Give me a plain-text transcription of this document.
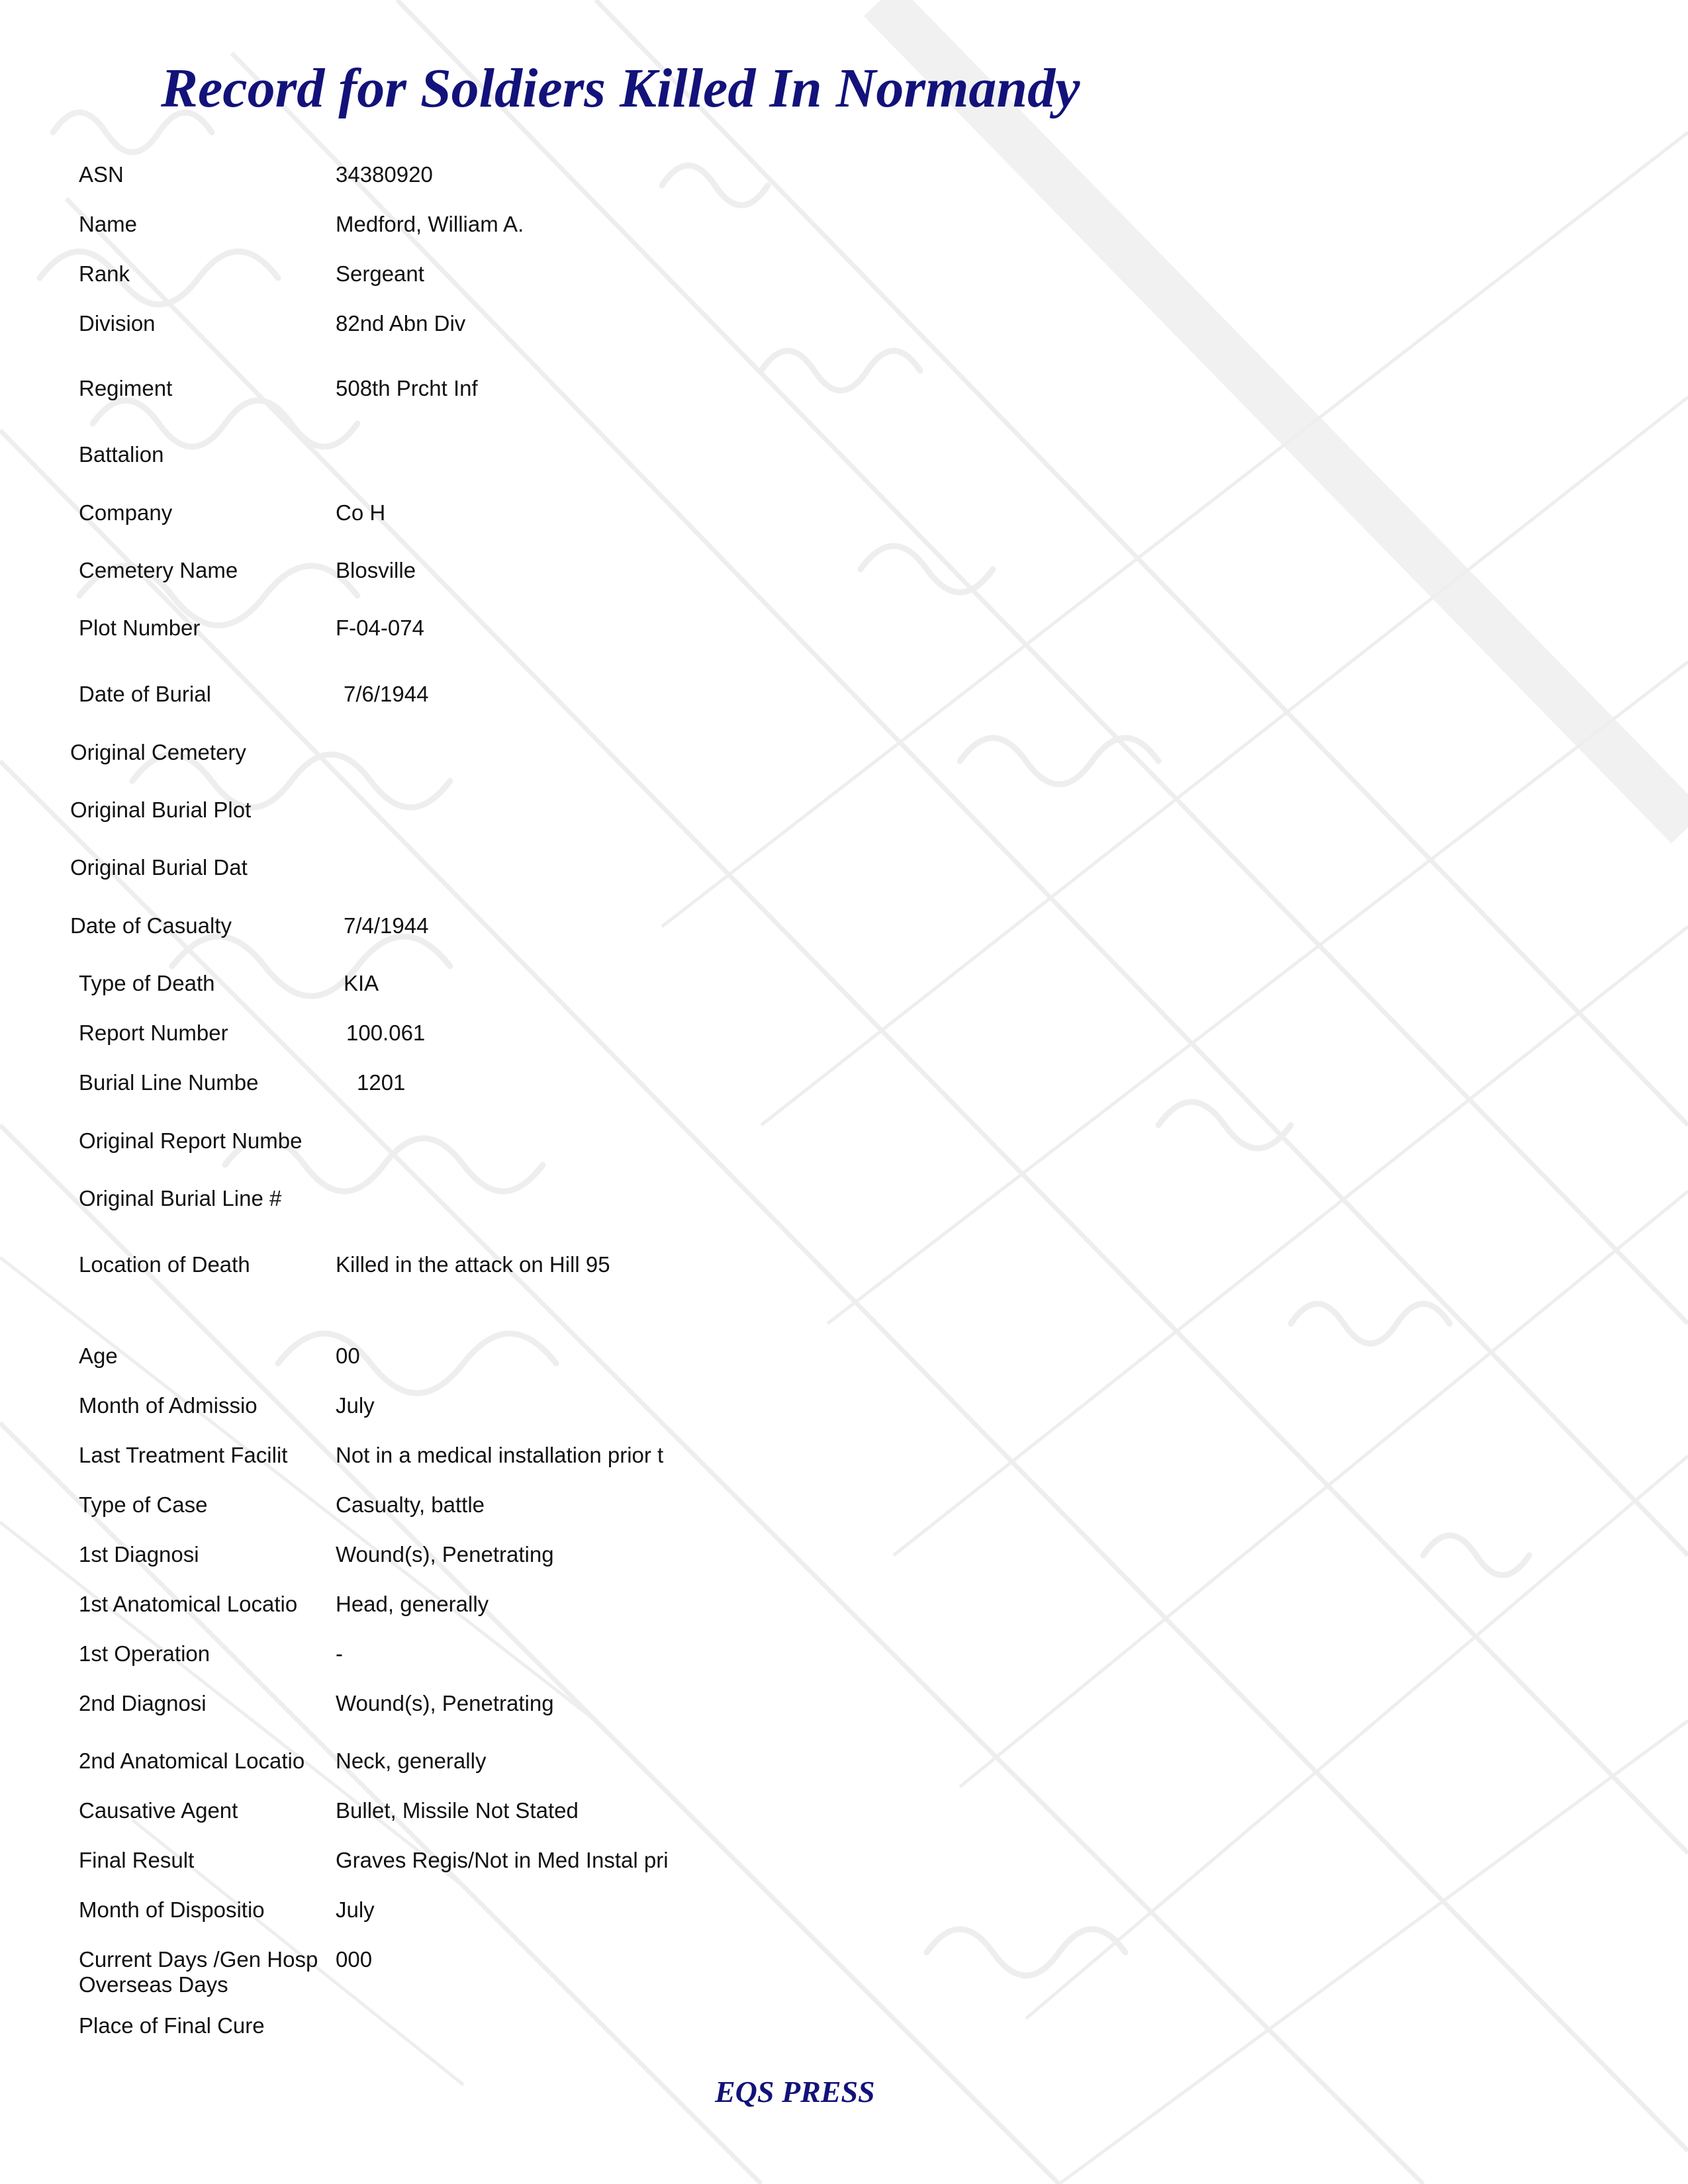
Record for Soldiers Killed In Normandy
ASN
Name
Rank
Division
Regiment
Battalion
Company
Cemetery Name
Plot Number
Date of Burial
Original Cemetery
Original Burial Plot
Original Burial Dat
Date of Casualty
Type of Death
Report Number
Burial Line Numbe
Original Report Numbe
Original Burial Line #
Location of Death
Age
Month of Admissio
Last Treatment Facilit
Type of Case
1st Diagnosi
1st Anatomical Locatio
1st Operation
2nd Diagnosi
2nd Anatomical Locatio
Causative Agent
Final Result
Month of Dispositio
Current Days /Gen Hosp
Overseas Days
Place of Final Cure
34380920
Medford, William A.
Sergeant
82nd Abn Div
508th Prcht Inf
Co H
Blosville
F-04-074
7/6/1944
7/4/1944
KIA
100.061
1201
Killed in the attack on Hill 95
00
July
Not in a medical installation prior t
Casualty, battle
Wound(s), Penetrating
Head, generally
-
Wound(s), Penetrating
Neck, generally
Bullet, Missile Not Stated
Graves Regis/Not in Med Instal pri
July
000
EQS PRESS
